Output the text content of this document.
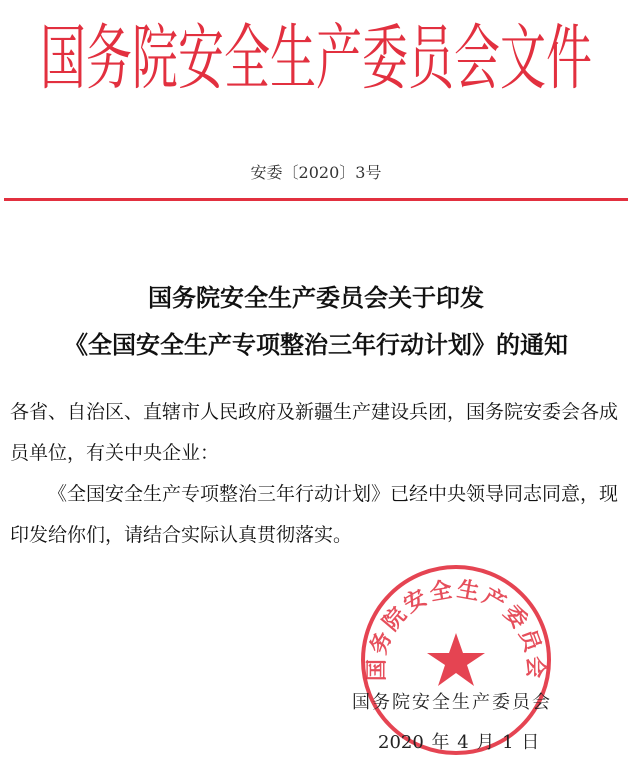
国务院安全生产委员会文件
安委〔2020〕3号
国务院安全生产委员会关于印发
《全国安全生产专项整治三年行动计划》的通知

各省、自治区、直辖市人民政府及新疆生产建设兵团，国务院安委会各成员单位，有关中央企业：

《全国安全生产专项整治三年行动计划》已经中央领导同志同意，现印发给你们，请结合实际认真贯彻落实。

国务院安全生产委员会
国务院安全生产委员会
2020 年 4 月 1 日
